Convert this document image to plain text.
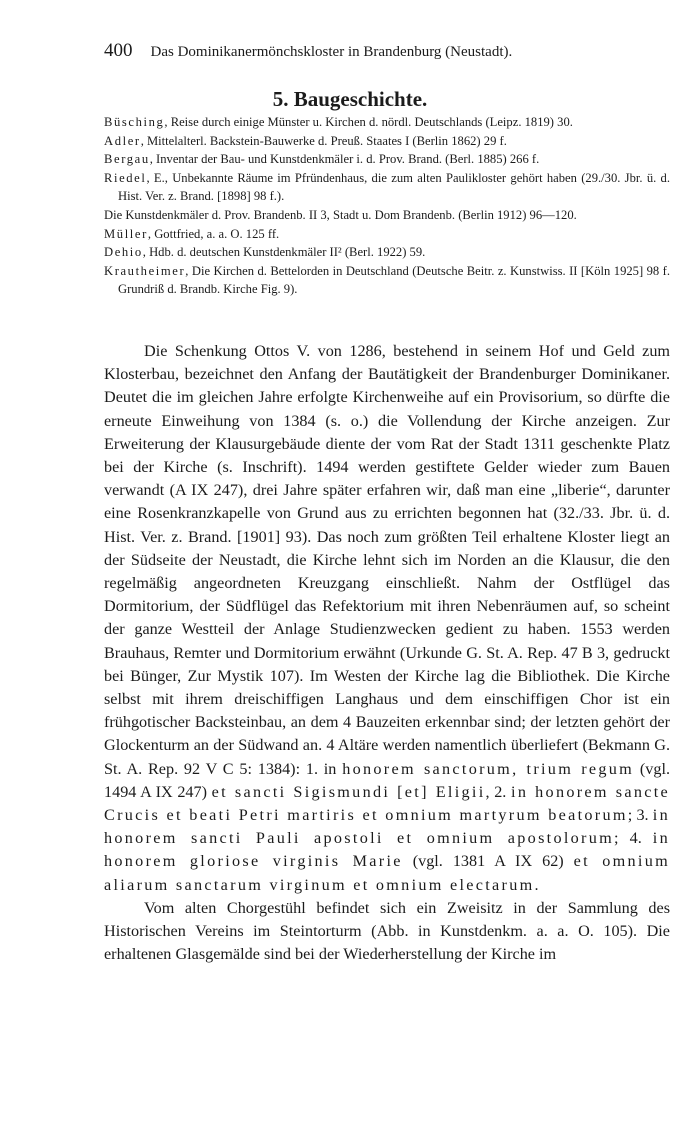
400 Das Dominikanermönchskloster in Brandenburg (Neustadt).
5. Baugeschichte.
Büsching, Reise durch einige Münster u. Kirchen d. nördl. Deutschlands (Leipz. 1819) 30.
Adler, Mittelalterl. Backstein-Bauwerke d. Preuß. Staates I (Berlin 1862) 29 f.
Bergau, Inventar der Bau- und Kunstdenkmäler i. d. Prov. Brand. (Berl. 1885) 266 f.
Riedel, E., Unbekannte Räume im Pfründenhaus, die zum alten Paulikloster gehört haben (29./30. Jbr. ü. d. Hist. Ver. z. Brand. [1898] 98 f.).
Die Kunstdenkmäler d. Prov. Brandenb. II 3, Stadt u. Dom Brandenb. (Berlin 1912) 96—120.
Müller, Gottfried, a. a. O. 125 ff.
Dehio, Hdb. d. deutschen Kunstdenkmäler II² (Berl. 1922) 59.
Krautheimer, Die Kirchen d. Bettelorden in Deutschland (Deutsche Beitr. z. Kunstwiss. II [Köln 1925] 98 f. Grundriß d. Brandb. Kirche Fig. 9).

Die Schenkung Ottos V. von 1286, bestehend in seinem Hof und Geld zum Klosterbau, bezeichnet den Anfang der Bautätigkeit der Brandenburger Dominikaner. Deutet die im gleichen Jahre erfolgte Kirchenweihe auf ein Provisorium, so dürfte die erneute Einweihung von 1384 (s. o.) die Vollendung der Kirche anzeigen. Zur Erweiterung der Klausurgebäude diente der vom Rat der Stadt 1311 geschenkte Platz bei der Kirche (s. Inschrift). 1494 werden gestiftete Gelder wieder zum Bauen verwandt (A IX 247), drei Jahre später erfahren wir, daß man eine „liberie“, darunter eine Rosenkranzkapelle von Grund aus zu errichten begonnen hat (32./33. Jbr. ü. d. Hist. Ver. z. Brand. [1901] 93). Das noch zum größten Teil erhaltene Kloster liegt an der Südseite der Neustadt, die Kirche lehnt sich im Norden an die Klausur, die den regelmäßig angeordneten Kreuzgang einschließt. Nahm der Ostflügel das Dormitorium, der Südflügel das Refektorium mit ihren Nebenräumen auf, so scheint der ganze Westteil der Anlage Studienzwecken gedient zu haben. 1553 werden Brauhaus, Remter und Dormitorium erwähnt (Urkunde G. St. A. Rep. 47 B 3, gedruckt bei Bünger, Zur Mystik 107). Im Westen der Kirche lag die Bibliothek. Die Kirche selbst mit ihrem dreischiffigen Langhaus und dem einschiffigen Chor ist ein frühgotischer Backsteinbau, an dem 4 Bauzeiten erkennbar sind; der letzten gehört der Glockenturm an der Südwand an. 4 Altäre werden namentlich überliefert (Bekmann G. St. A. Rep. 92 V C 5: 1384): 1. in honorem sanctorum, trium regum (vgl. 1494 A IX 247) et sancti Sigismundi [et] Eligii, 2. in honorem sancte Crucis et beati Petri martiris et omnium martyrum beatorum; 3. in honorem sancti Pauli apostoli et omnium apostolorum; 4. in honorem gloriose virginis Marie (vgl. 1381 A IX 62) et omnium aliarum sanctarum virginum et omnium electarum.

Vom alten Chorgestühl befindet sich ein Zweisitz in der Sammlung des Historischen Vereins im Steintorturm (Abb. in Kunstdenkm. a. a. O. 105). Die erhaltenen Glasgemälde sind bei der Wiederherstellung der Kirche im
